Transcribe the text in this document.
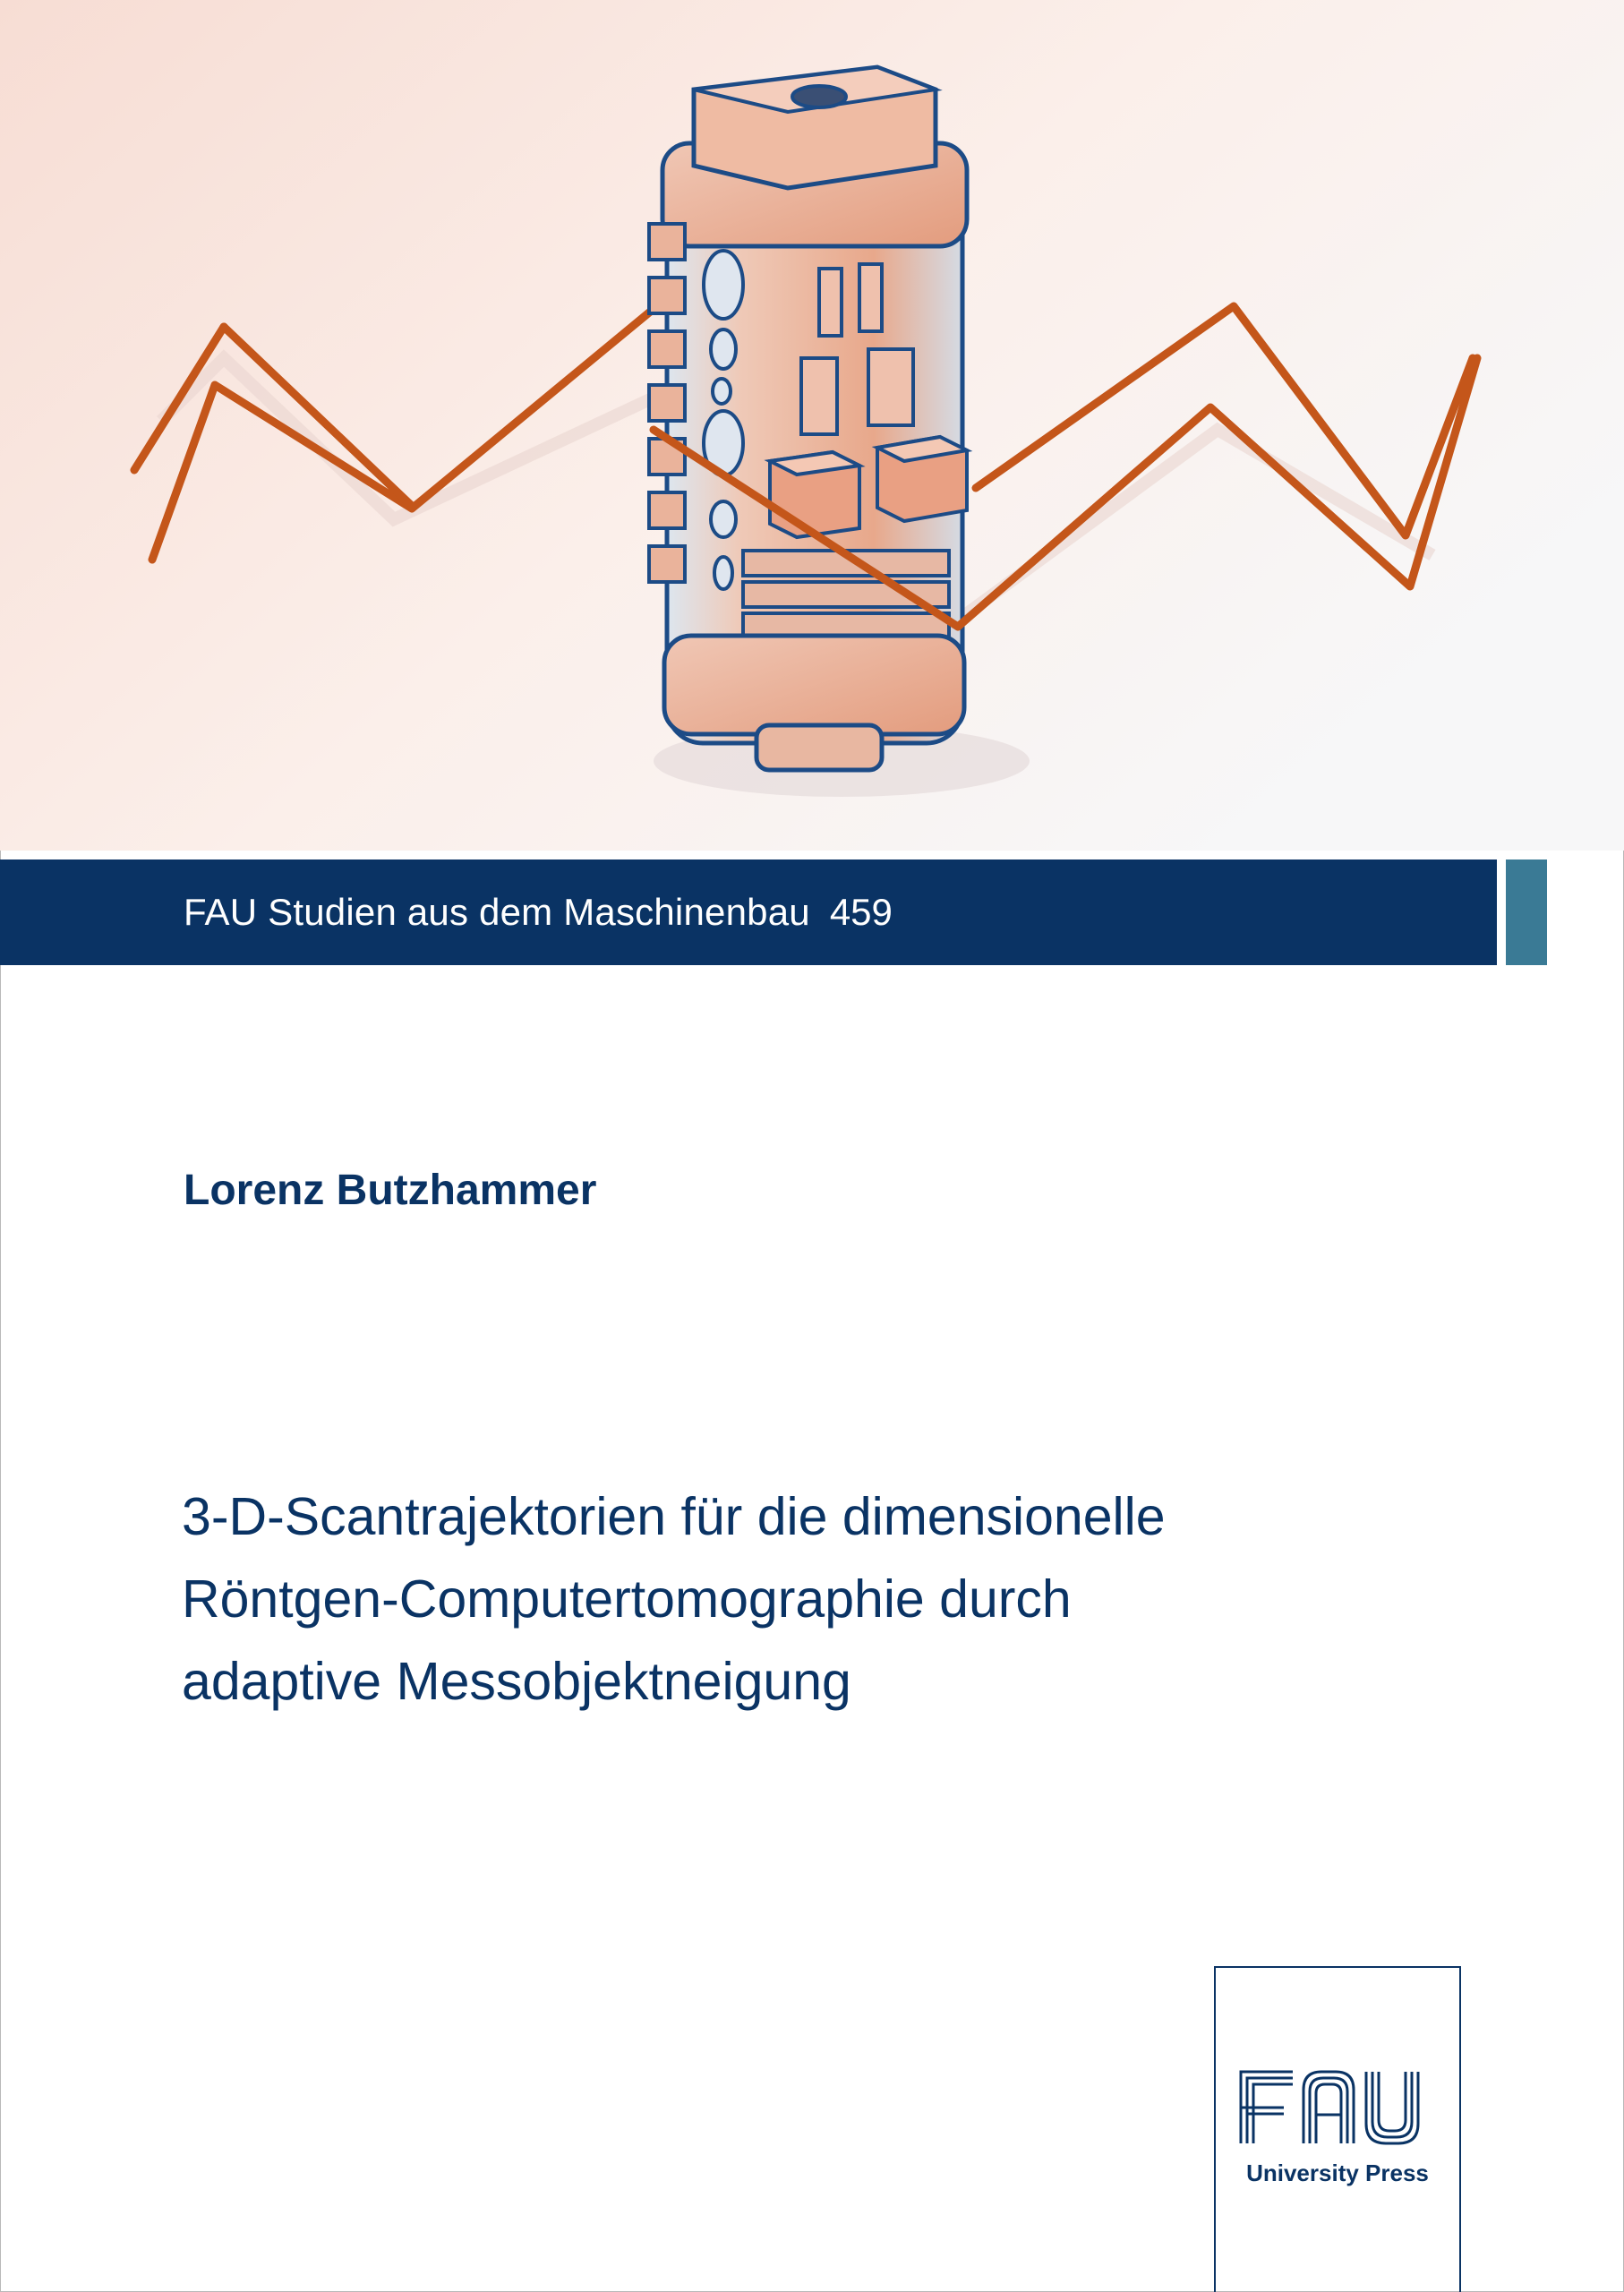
FAU Studien aus dem Maschinenbau 459
Lorenz Butzhammer
3-D-Scantrajektorien für die dimensionelle
Röntgen-Computertomographie durch
adaptive Messobjektneigung
University Press
